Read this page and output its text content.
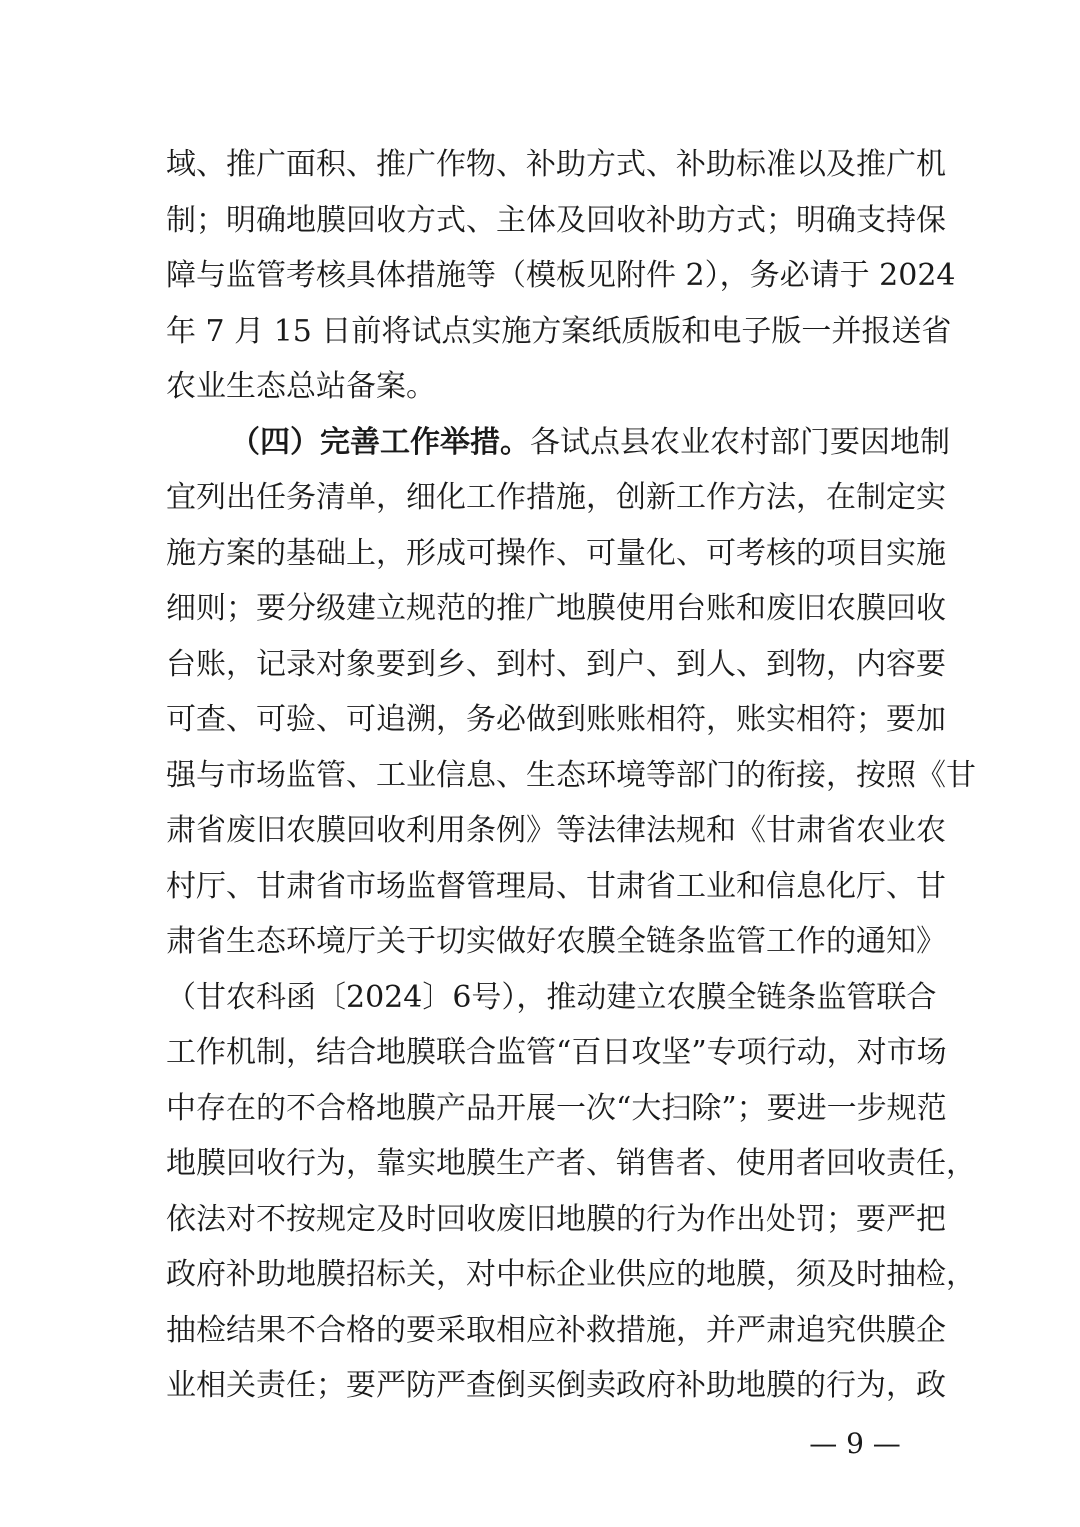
域、推广面积、推广作物、补助方式、补助标准以及推广机
制；明确地膜回收方式、主体及回收补助方式；明确支持保
障与监管考核具体措施等（模板见附件 2），务必请于 2024
年 7 月 15 日前将试点实施方案纸质版和电子版一并报送省
农业生态总站备案。
（四）完善工作举措。各试点县农业农村部门要因地制
宜列出任务清单，细化工作措施，创新工作方法，在制定实
施方案的基础上，形成可操作、可量化、可考核的项目实施
细则；要分级建立规范的推广地膜使用台账和废旧农膜回收
台账，记录对象要到乡、到村、到户、到人、到物，内容要
可查、可验、可追溯，务必做到账账相符，账实相符；要加
强与市场监管、工业信息、生态环境等部门的衔接，按照《甘
肃省废旧农膜回收利用条例》等法律法规和《甘肃省农业农
村厅、甘肃省市场监督管理局、甘肃省工业和信息化厅、甘
肃省生态环境厅关于切实做好农膜全链条监管工作的通知》
（甘农科函〔2024〕6号），推动建立农膜全链条监管联合
工作机制，结合地膜联合监管“百日攻坚”专项行动，对市场
中存在的不合格地膜产品开展一次“大扫除”；要进一步规范
地膜回收行为，靠实地膜生产者、销售者、使用者回收责任，
依法对不按规定及时回收废旧地膜的行为作出处罚；要严把
政府补助地膜招标关，对中标企业供应的地膜，须及时抽检，
抽检结果不合格的要采取相应补救措施，并严肃追究供膜企
业相关责任；要严防严查倒买倒卖政府补助地膜的行为，政
— 9 —
